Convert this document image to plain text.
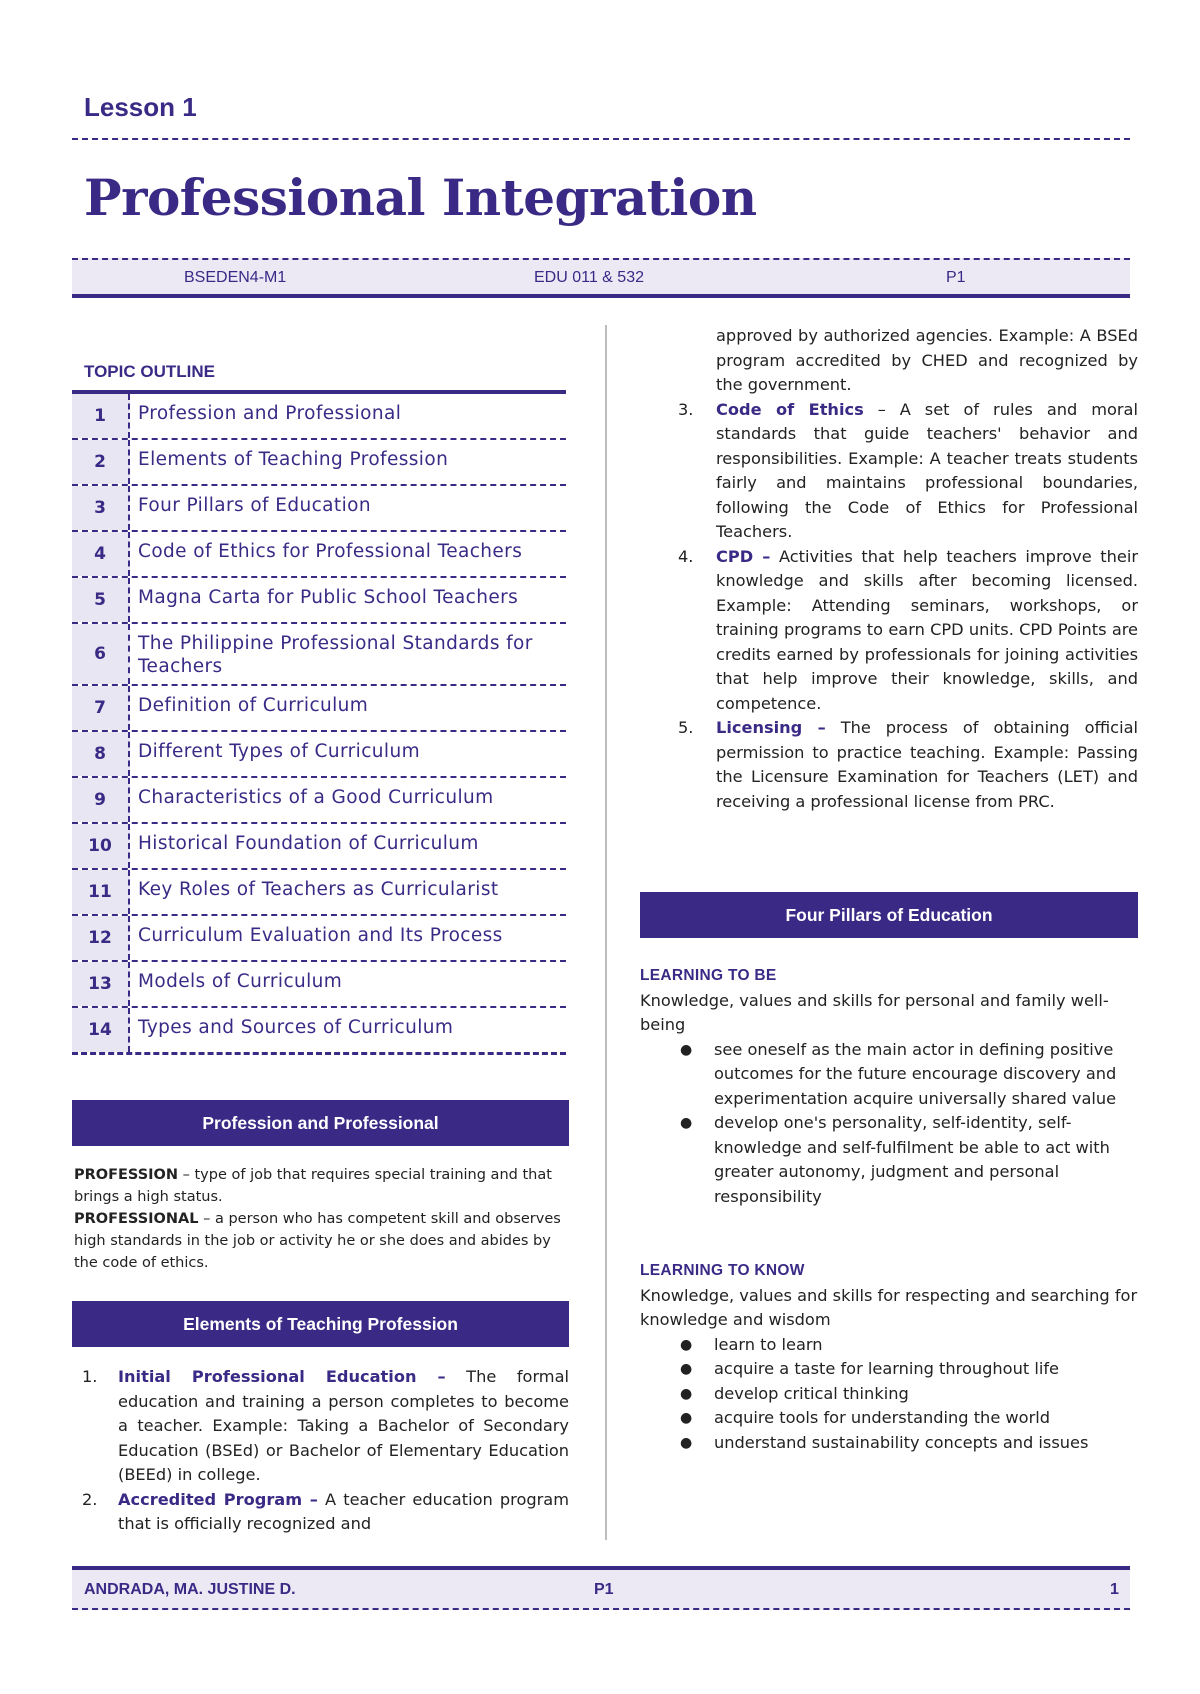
Lesson 1
Professional Integration
BSEDEN4-M1	EDU 011 & 532	P1
TOPIC OUTLINE
1	Profession and Professional
2	Elements of Teaching Profession
3	Four Pillars of Education
4	Code of Ethics for Professional Teachers
5	Magna Carta for Public School Teachers
6	The Philippine Professional Standards for Teachers
7	Definition of Curriculum
8	Different Types of Curriculum
9	Characteristics of a Good Curriculum
10	Historical Foundation of Curriculum
11	Key Roles of Teachers as Curricularist
12	Curriculum Evaluation and Its Process
13	Models of Curriculum
14	Types and Sources of Curriculum
Profession and Professional
PROFESSION – type of job that requires special training and that brings a high status.
PROFESSIONAL – a person who has competent skill and observes high standards in the job or activity he or she does and abides by the code of ethics.
Elements of Teaching Profession
1. Initial Professional Education – The formal education and training a person completes to become a teacher. Example: Taking a Bachelor of Secondary Education (BSEd) or Bachelor of Elementary Education (BEEd) in college.
2. Accredited Program – A teacher education program that is officially recognized and
approved by authorized agencies. Example: A BSEd program accredited by CHED and recognized by the government.
3. Code of Ethics – A set of rules and moral standards that guide teachers' behavior and responsibilities. Example: A teacher treats students fairly and maintains professional boundaries, following the Code of Ethics for Professional Teachers.
4. CPD – Activities that help teachers improve their knowledge and skills after becoming licensed. Example: Attending seminars, workshops, or training programs to earn CPD units. CPD Points are credits earned by professionals for joining activities that help improve their knowledge, skills, and competence.
5. Licensing – The process of obtaining official permission to practice teaching. Example: Passing the Licensure Examination for Teachers (LET) and receiving a professional license from PRC.
Four Pillars of Education
LEARNING TO BE
Knowledge, values and skills for personal and family well-being
● see oneself as the main actor in defining positive outcomes for the future encourage discovery and experimentation acquire universally shared value
● develop one's personality, self-identity, self-knowledge and self-fulfilment be able to act with greater autonomy, judgment and personal responsibility
LEARNING TO KNOW
Knowledge, values and skills for respecting and searching for knowledge and wisdom
● learn to learn
● acquire a taste for learning throughout life
● develop critical thinking
● acquire tools for understanding the world
● understand sustainability concepts and issues
ANDRADA, MA. JUSTINE D.	P1	1
